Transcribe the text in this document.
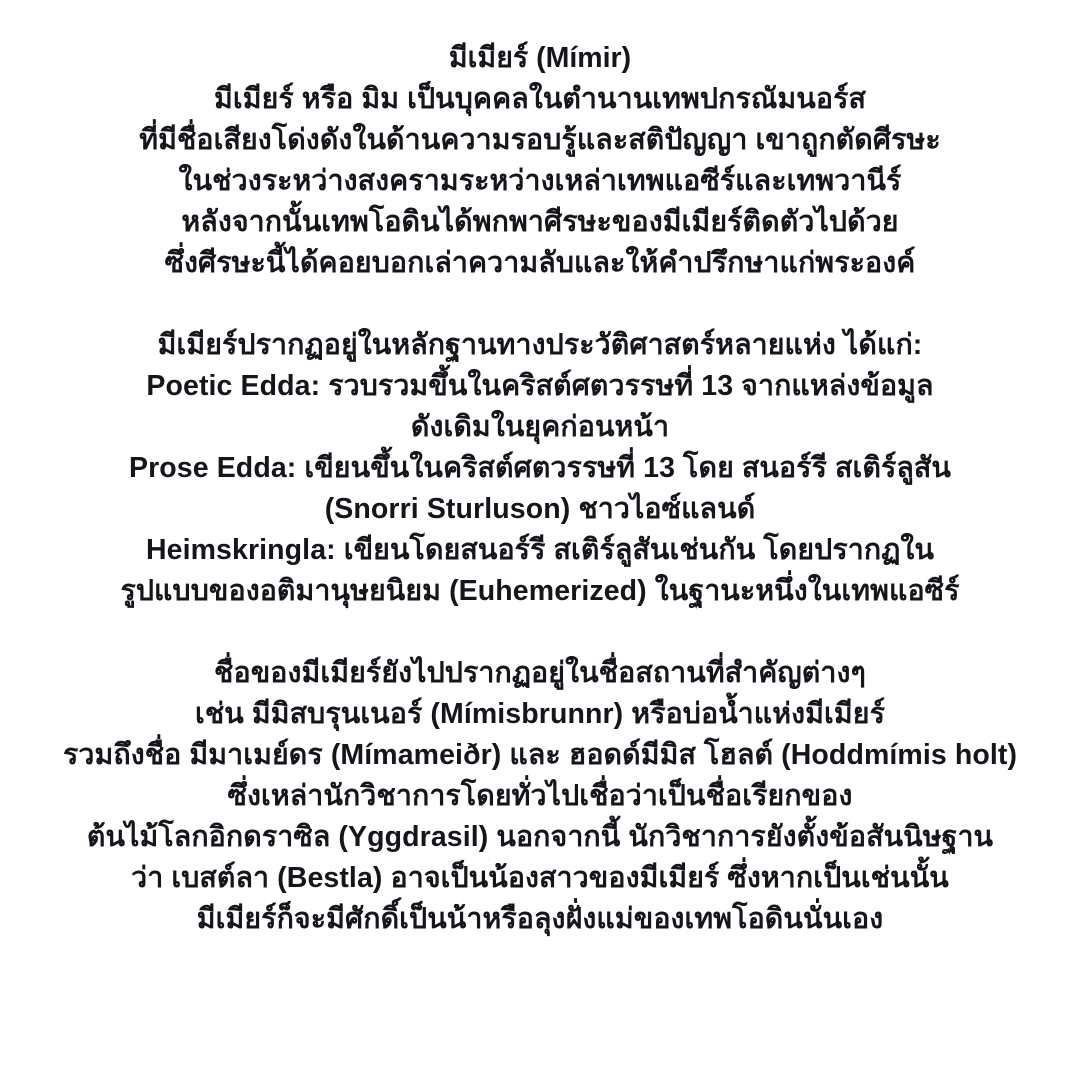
มีเมียร์ (Mímir)
มีเมียร์ หรือ มิม เป็นบุคคลในตำนานเทพปกรณัมนอร์ส
ที่มีชื่อเสียงโด่งดังในด้านความรอบรู้และสติปัญญา เขาถูกตัดศีรษะ
ในช่วงระหว่างสงครามระหว่างเหล่าเทพแอซีร์และเทพวานีร์
หลังจากนั้นเทพโอดินได้พกพาศีรษะของมีเมียร์ติดตัวไปด้วย
ซึ่งศีรษะนี้ได้คอยบอกเล่าความลับและให้คำปรึกษาแก่พระองค์
มีเมียร์ปรากฏอยู่ในหลักฐานทางประวัติศาสตร์หลายแห่ง ได้แก่:
Poetic Edda: รวบรวมขึ้นในคริสต์ศตวรรษที่ 13 จากแหล่งข้อมูล
ดังเดิมในยุคก่อนหน้า
Prose Edda: เขียนขึ้นในคริสต์ศตวรรษที่ 13 โดย สนอร์รี สเติร์ลูสัน
(Snorri Sturluson) ชาวไอซ์แลนด์
Heimskringla: เขียนโดยสนอร์รี สเติร์ลูสันเช่นกัน โดยปรากฏใน
รูปแบบของอติมานุษยนิยม (Euhemerized) ในฐานะหนึ่งในเทพแอซีร์
ชื่อของมีเมียร์ยังไปปรากฏอยู่ในชื่อสถานที่สำคัญต่างๆ
เช่น มีมิสบรุนเนอร์ (Mímisbrunnr) หรือบ่อน้ำแห่งมีเมียร์
รวมถึงชื่อ มีมาเมย์ดร (Mímameiðr) และ ฮอดด์มีมิส โฮลต์ (Hoddmímis holt)
ซึ่งเหล่านักวิชาการโดยทั่วไปเชื่อว่าเป็นชื่อเรียกของ
ต้นไม้โลกอิกดราซิล (Yggdrasil) นอกจากนี้ นักวิชาการยังตั้งข้อสันนิษฐาน
ว่า เบสต์ลา (Bestla) อาจเป็นน้องสาวของมีเมียร์ ซึ่งหากเป็นเช่นนั้น
มีเมียร์ก็จะมีศักดิ์เป็นน้าหรือลุงฝั่งแม่ของเทพโอดินนั่นเอง
